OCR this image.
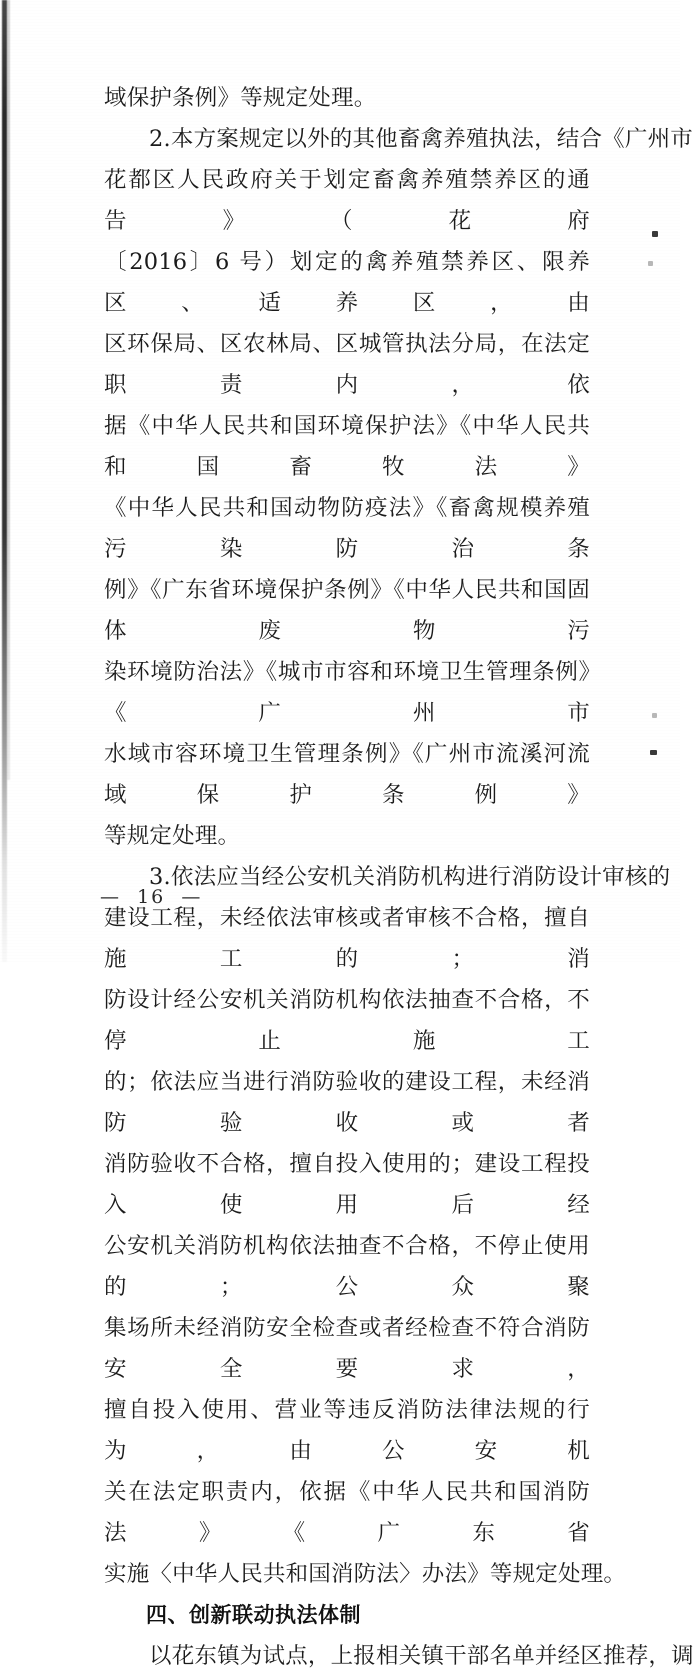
域保护条例》等规定处理。
2.本方案规定以外的其他畜禽养殖执法，结合《广州市
花都区人民政府关于划定畜禽养殖禁养区的通告》（花府
〔2016〕6 号）划定的禽养殖禁养区、限养区、适养区，由
区环保局、区农林局、区城管执法分局，在法定职责内，依
据《中华人民共和国环境保护法》《中华人民共和国畜牧法》
《中华人民共和国动物防疫法》《畜禽规模养殖污染防治条
例》《广东省环境保护条例》《中华人民共和国固体废物污
染环境防治法》《城市市容和环境卫生管理条例》《广州市
水域市容环境卫生管理条例》《广州市流溪河流域保护条例》
等规定处理。
3.依法应当经公安机关消防机构进行消防设计审核的
建设工程，未经依法审核或者审核不合格，擅自施工的；消
防设计经公安机关消防机构依法抽查不合格，不停止施工
的；依法应当进行消防验收的建设工程，未经消防验收或者
消防验收不合格，擅自投入使用的；建设工程投入使用后经
公安机关消防机构依法抽查不合格，不停止使用的；公众聚
集场所未经消防安全检查或者经检查不符合消防安全要求，
擅自投入使用、营业等违反消防法律法规的行为，由公安机
关在法定职责内，依据《中华人民共和国消防法》《广东省
实施〈中华人民共和国消防法〉办法》等规定处理。
四、创新联动执法体制
以花东镇为试点，上报相关镇干部名单并经区推荐，调
—  16  —
